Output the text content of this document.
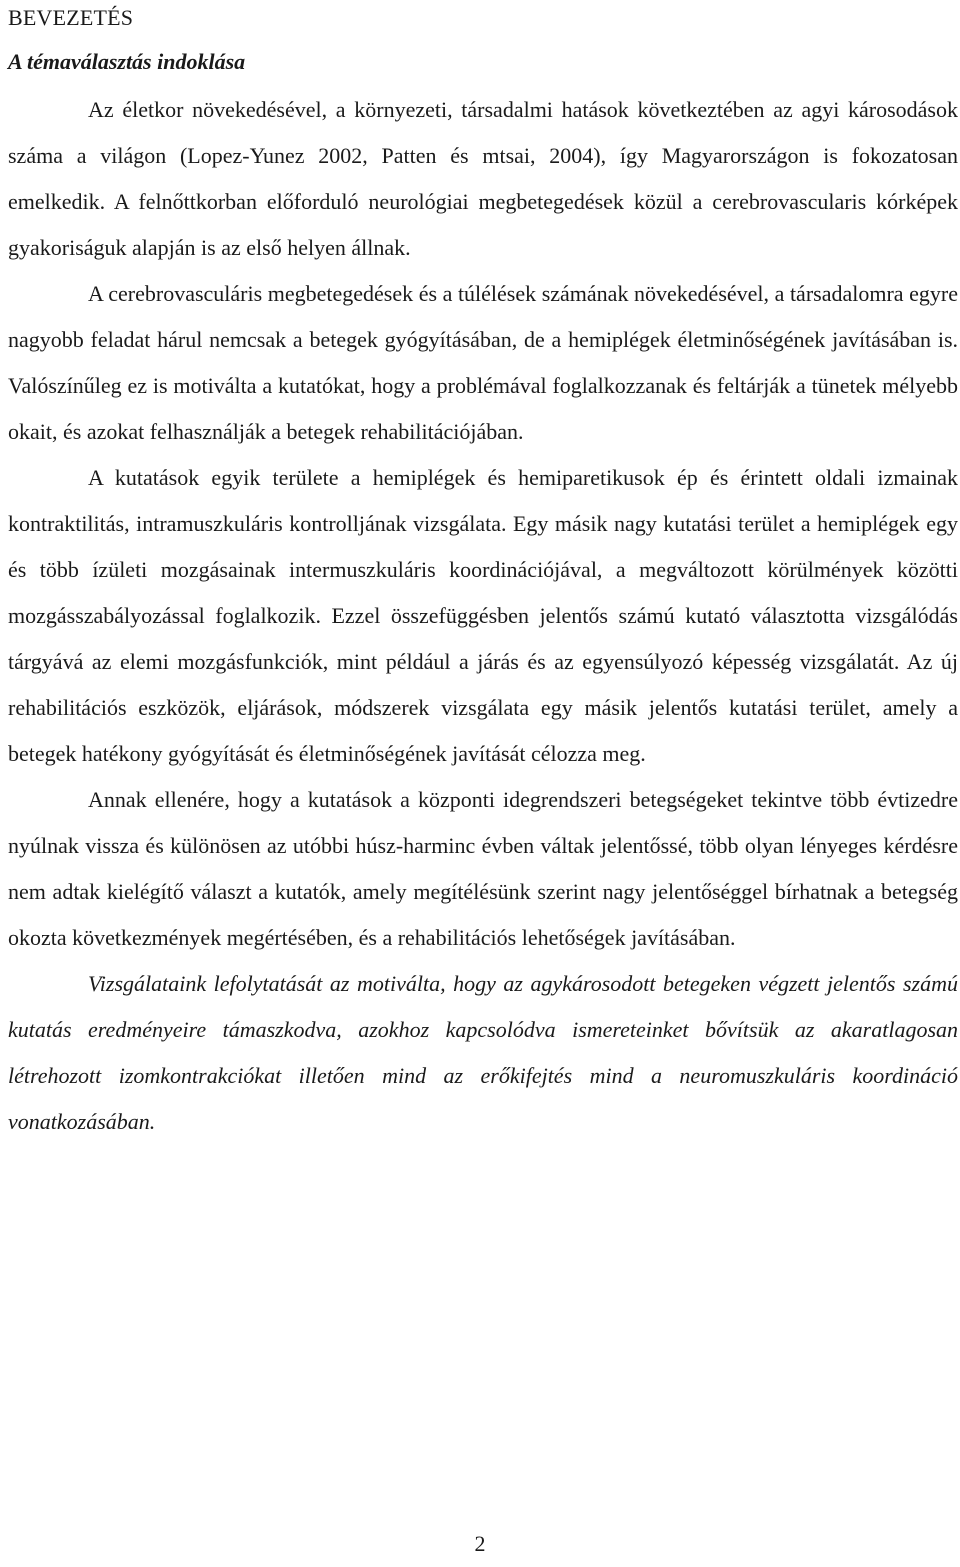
BEVEZETÉS
A témaválasztás indoklása

Az életkor növekedésével, a környezeti, társadalmi hatások következtében az agyi károsodások száma a világon (Lopez-Yunez 2002, Patten és mtsai, 2004), így Magyarországon is fokozatosan emelkedik. A felnőttkorban előforduló neurológiai megbetegedések közül a cerebrovascularis kórképek gyakoriságuk alapján is az első helyen állnak.

A cerebrovasculáris megbetegedések és a túlélések számának növekedésével, a társadalomra egyre nagyobb feladat hárul nemcsak a betegek gyógyításában, de a hemiplégek életminőségének javításában is. Valószínűleg ez is motiválta a kutatókat, hogy a problémával foglalkozzanak és feltárják a tünetek mélyebb okait, és azokat felhasználják a betegek rehabilitációjában.

A kutatások egyik területe a hemiplégek és hemiparetikusok ép és érintett oldali izmainak kontraktilitás, intramuszkuláris kontrolljának vizsgálata. Egy másik nagy kutatási terület a hemiplégek egy és több ízületi mozgásainak intermuszkuláris koordinációjával, a megváltozott körülmények közötti mozgásszabályozással foglalkozik. Ezzel összefüggésben jelentős számú kutató választotta vizsgálódás tárgyává az elemi mozgásfunkciók, mint például a járás és az egyensúlyozó képesség vizsgálatát. Az új rehabilitációs eszközök, eljárások, módszerek vizsgálata egy másik jelentős kutatási terület, amely a betegek hatékony gyógyítását és életminőségének javítását célozza meg.

Annak ellenére, hogy a kutatások a központi idegrendszeri betegségeket tekintve több évtizedre nyúlnak vissza és különösen az utóbbi húsz-harminc évben váltak jelentőssé, több olyan lényeges kérdésre nem adtak kielégítő választ a kutatók, amely megítélésünk szerint nagy jelentőséggel bírhatnak a betegség okozta következmények megértésében, és a rehabilitációs lehetőségek javításában.

Vizsgálataink lefolytatását az motiválta, hogy az agykárosodott betegeken végzett jelentős számú kutatás eredményeire támaszkodva, azokhoz kapcsolódva ismereteinket bővítsük az akaratlagosan létrehozott izomkontrakciókat illetően mind az erőkifejtés mind a neuromuszkuláris koordináció vonatkozásában.

2
